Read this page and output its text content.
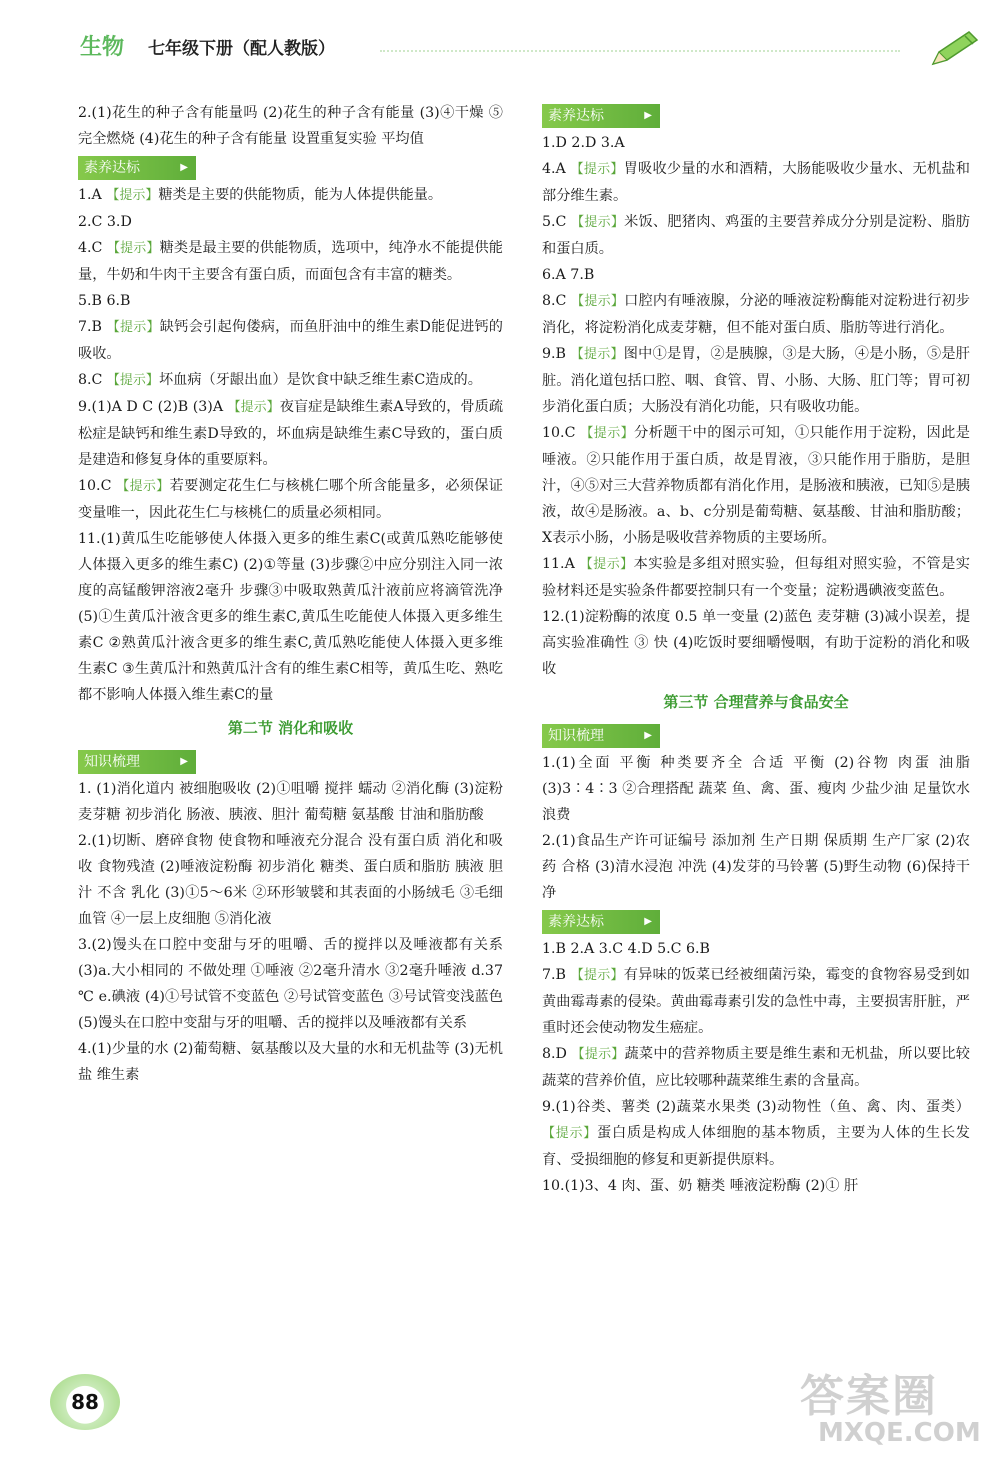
生物 七年级下册（配人教版）

2.(1)花生的种子含有能量吗 (2)花生的种子含有能量 (3)④干燥 ⑤完全燃烧 (4)花生的种子含有能量 设置重复实验 平均值

素养达标	▶

1.A 【提示】糖类是主要的供能物质，能为人体提供能量。

2.C 3.D

4.C 【提示】糖类是最主要的供能物质，选项中，纯净水不能提供能量，牛奶和牛肉干主要含有蛋白质，而面包含有丰富的糖类。

5.B 6.B

7.B 【提示】缺钙会引起佝偻病，而鱼肝油中的维生素D能促进钙的吸收。

8.C 【提示】坏血病（牙龈出血）是饮食中缺乏维生素C造成的。

9.(1)A D C (2)B (3)A 【提示】夜盲症是缺维生素A导致的，骨质疏松症是缺钙和维生素D导致的，坏血病是缺维生素C导致的，蛋白质是建造和修复身体的重要原料。

10.C 【提示】若要测定花生仁与核桃仁哪个所含能量多，必须保证变量唯一，因此花生仁与核桃仁的质量必须相同。

11.(1)黄瓜生吃能够使人体摄入更多的维生素C(或黄瓜熟吃能够使人体摄入更多的维生素C) (2)①等量 (3)步骤②中应分别注入同一浓度的高锰酸钾溶液2毫升 步骤③中吸取熟黄瓜汁液前应将滴管洗净 (5)①生黄瓜汁液含更多的维生素C,黄瓜生吃能使人体摄入更多维生素C ②熟黄瓜汁液含更多的维生素C,黄瓜熟吃能使人体摄入更多维生素C ③生黄瓜汁和熟黄瓜汁含有的维生素C相等，黄瓜生吃、熟吃都不影响人体摄入维生素C的量

第二节 消化和吸收
知识梳理	▶

1. (1)消化道内 被细胞吸收 (2)①咀嚼 搅拌 蠕动 ②消化酶 (3)淀粉 麦芽糖 初步消化 肠液、胰液、胆汁 葡萄糖 氨基酸 甘油和脂肪酸

2.(1)切断、磨碎食物 使食物和唾液充分混合 没有蛋白质 消化和吸收 食物残渣 (2)唾液淀粉酶 初步消化 糖类、蛋白质和脂肪 胰液 胆汁 不含 乳化 (3)①5～6米 ②环形皱襞和其表面的小肠绒毛 ③毛细血管 ④一层上皮细胞 ⑤消化液

3.(2)馒头在口腔中变甜与牙的咀嚼、舌的搅拌以及唾液都有关系 (3)a.大小相同的 不做处理 ①唾液 ②2毫升清水 ③2毫升唾液 d.37 ℃ e.碘液 (4)①号试管不变蓝色 ②号试管变蓝色 ③号试管变浅蓝色 (5)馒头在口腔中变甜与牙的咀嚼、舌的搅拌以及唾液都有关系

4.(1)少量的水 (2)葡萄糖、氨基酸以及大量的水和无机盐等 (3)无机盐 维生素

素养达标	▶

1.D 2.D 3.A

4.A 【提示】胃吸收少量的水和酒精，大肠能吸收少量水、无机盐和部分维生素。

5.C 【提示】米饭、肥猪肉、鸡蛋的主要营养成分分别是淀粉、脂肪和蛋白质。

6.A 7.B

8.C 【提示】口腔内有唾液腺，分泌的唾液淀粉酶能对淀粉进行初步消化，将淀粉消化成麦芽糖，但不能对蛋白质、脂肪等进行消化。

9.B 【提示】图中①是胃，②是胰腺，③是大肠，④是小肠，⑤是肝脏。消化道包括口腔、咽、食管、胃、小肠、大肠、肛门等；胃可初步消化蛋白质；大肠没有消化功能，只有吸收功能。

10.C 【提示】分析题干中的图示可知，①只能作用于淀粉，因此是唾液。②只能作用于蛋白质，故是胃液，③只能作用于脂肪，是胆汁，④⑤对三大营养物质都有消化作用，是肠液和胰液，已知⑤是胰液，故④是肠液。a、b、c分别是葡萄糖、氨基酸、甘油和脂肪酸；X表示小肠，小肠是吸收营养物质的主要场所。

11.A 【提示】本实验是多组对照实验，但每组对照实验，不管是实验材料还是实验条件都要控制只有一个变量；淀粉遇碘液变蓝色。

12.(1)淀粉酶的浓度 0.5 单一变量 (2)蓝色 麦芽糖 (3)减小误差，提高实验准确性 ③ 快 (4)吃饭时要细嚼慢咽，有助于淀粉的消化和吸收

第三节 合理营养与食品安全
知识梳理	▶

1.(1)全面 平衡 种类要齐全 合适 平衡 (2)谷物 肉蛋 油脂 (3)3∶4∶3 ②合理搭配 蔬菜 鱼、禽、蛋、瘦肉 少盐少油 足量饮水 浪费

2.(1)食品生产许可证编号 添加剂 生产日期 保质期 生产厂家 (2)农药 合格 (3)清水浸泡 冲洗 (4)发芽的马铃薯 (5)野生动物 (6)保持干净

素养达标	▶

1.B 2.A 3.C 4.D 5.C 6.B

7.B 【提示】有异味的饭菜已经被细菌污染，霉变的食物容易受到如黄曲霉毒素的侵染。黄曲霉毒素引发的急性中毒，主要损害肝脏，严重时还会使动物发生癌症。

8.D 【提示】蔬菜中的营养物质主要是维生素和无机盐，所以要比较蔬菜的营养价值，应比较哪种蔬菜维生素的含量高。

9.(1)谷类、薯类 (2)蔬菜水果类 (3)动物性（鱼、禽、肉、蛋类） 【提示】蛋白质是构成人体细胞的基本物质，主要为人体的生长发育、受损细胞的修复和更新提供原料。

10.(1)3、4 肉、蛋、奶 糖类 唾液淀粉酶 (2)① 肝

88	答案圈
MXQE.COM
